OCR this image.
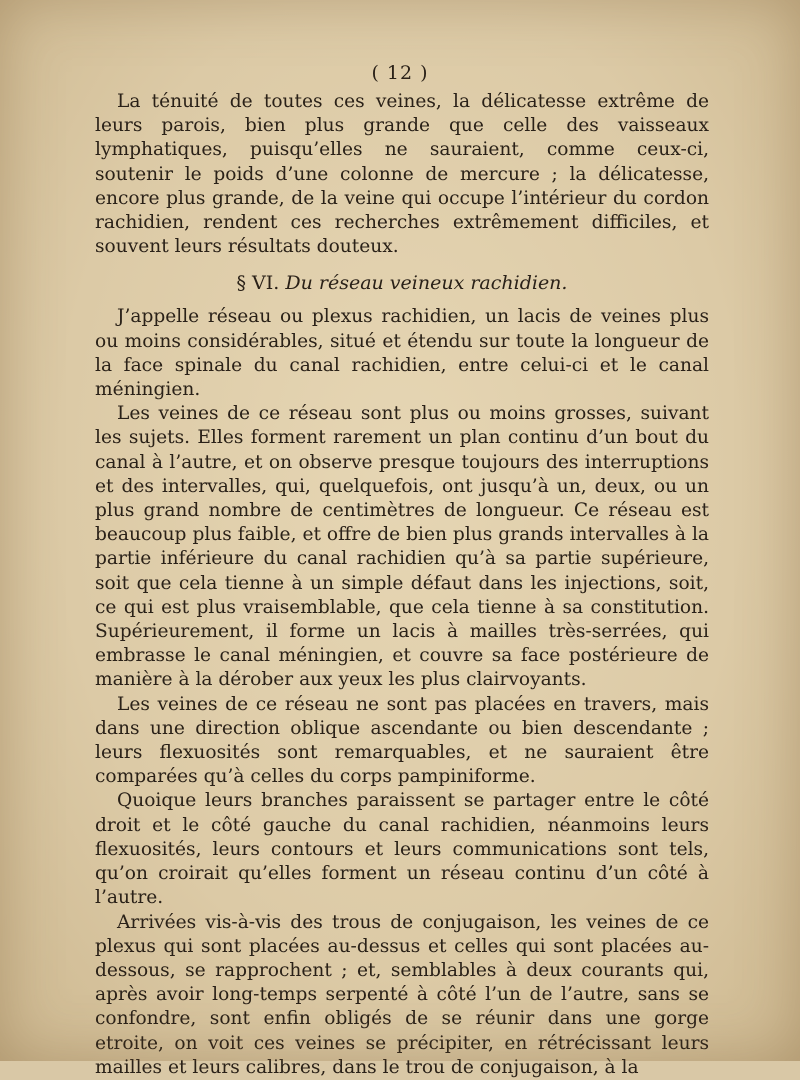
( 12 )

La ténuité de toutes ces veines, la délicatesse extrême de leurs parois, bien plus grande que celle des vaisseaux lymphatiques, puisqu’elles ne sauraient, comme ceux-ci, soutenir le poids d’une colonne de mercure ; la délicatesse, encore plus grande, de la veine qui occupe l’intérieur du cordon rachidien, rendent ces recherches extrêmement difficiles, et souvent leurs résultats douteux.

§ VI. Du réseau veineux rachidien.

J’appelle réseau ou plexus rachidien, un lacis de veines plus ou moins considérables, situé et étendu sur toute la longueur de la face spinale du canal rachidien, entre celui-ci et le canal méningien.

Les veines de ce réseau sont plus ou moins grosses, suivant les sujets. Elles forment rarement un plan continu d’un bout du canal à l’autre, et on observe presque toujours des interruptions et des intervalles, qui, quelquefois, ont jusqu’à un, deux, ou un plus grand nombre de centimètres de longueur. Ce réseau est beaucoup plus faible, et offre de bien plus grands intervalles à la partie inférieure du canal rachidien qu’à sa partie supérieure, soit que cela tienne à un simple défaut dans les injections, soit, ce qui est plus vraisemblable, que cela tienne à sa constitution. Supérieurement, il forme un lacis à mailles très-serrées, qui embrasse le canal méningien, et couvre sa face postérieure de manière à la dérober aux yeux les plus clairvoyants.

Les veines de ce réseau ne sont pas placées en travers, mais dans une direction oblique ascendante ou bien descendante ; leurs flexuosités sont remarquables, et ne sauraient être comparées qu’à celles du corps pampiniforme.

Quoique leurs branches paraissent se partager entre le côté droit et le côté gauche du canal rachidien, néanmoins leurs flexuosités, leurs contours et leurs communications sont tels, qu’on croirait qu’elles forment un réseau continu d’un côté à l’autre.

Arrivées vis-à-vis des trous de conjugaison, les veines de ce plexus qui sont placées au-dessus et celles qui sont placées au-dessous, se rapprochent ; et, semblables à deux courants qui, après avoir long-temps serpenté à côté l’un de l’autre, sans se confondre, sont enfin obligés de se réunir dans une gorge etroite, on voit ces veines se précipiter, en rétrécissant leurs mailles et leurs calibres, dans le trou de conjugaison, à la
